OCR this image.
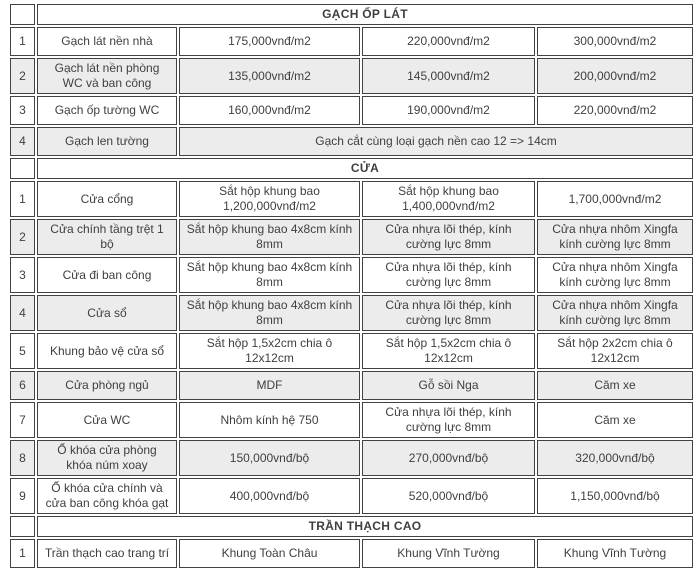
	GẠCH ỐP LÁT			
1	Gạch lát nền nhà	175,000vnđ/m2	220,000vnđ/m2	300,000vnđ/m2
2	Gạch lát nền phòng WC và ban công	135,000vnđ/m2	145,000vnđ/m2	200,000vnđ/m2
3	Gạch ốp tường WC	160,000vnđ/m2	190,000vnđ/m2	220,000vnđ/m2
4	Gạch len tường	Gạch cắt cùng loại gạch nền cao 12 => 14cm		
	CỬA			
1	Cửa cổng	Sắt hộp khung bao 1,200,000vnđ/m2	Sắt hộp khung bao 1,400,000vnđ/m2	1,700,000vnđ/m2
2	Cửa chính tầng trệt 1 bộ	Sắt hộp khung bao 4x8cm kính 8mm	Cửa nhựa lõi thép, kính cường lực 8mm	Cửa nhựa nhôm Xingfa kính cường lực 8mm
3	Cửa đi ban công	Sắt hộp khung bao 4x8cm kính 8mm	Cửa nhựa lõi thép, kính cường lực 8mm	Cửa nhựa nhôm Xingfa kính cường lực 8mm
4	Cửa sổ	Sắt hộp khung bao 4x8cm kính 8mm	Cửa nhựa lõi thép, kính cường lực 8mm	Cửa nhựa nhôm Xingfa kính cường lực 8mm
5	Khung bảo vệ cửa sổ	Sắt hộp 1,5x2cm chia ô 12x12cm	Sắt hộp 1,5x2cm chia ô 12x12cm	Sắt hộp 2x2cm chia ô 12x12cm
6	Cửa phòng ngủ	MDF	Gỗ sồi Nga	Căm xe
7	Cửa WC	Nhôm kính hệ 750	Cửa nhựa lõi thép, kính cường lực 8mm	Căm xe
8	Ổ khóa cửa phòng khóa núm xoay	150,000vnđ/bộ	270,000vnđ/bộ	320,000vnđ/bộ
9	Ổ khóa cửa chính và cửa ban công khóa gạt	400,000vnđ/bộ	520,000vnđ/bộ	1,150,000vnđ/bộ
	TRẦN THẠCH CAO			
1	Trần thạch cao trang trí	Khung Toàn Châu	Khung Vĩnh Tường	Khung Vĩnh Tường
